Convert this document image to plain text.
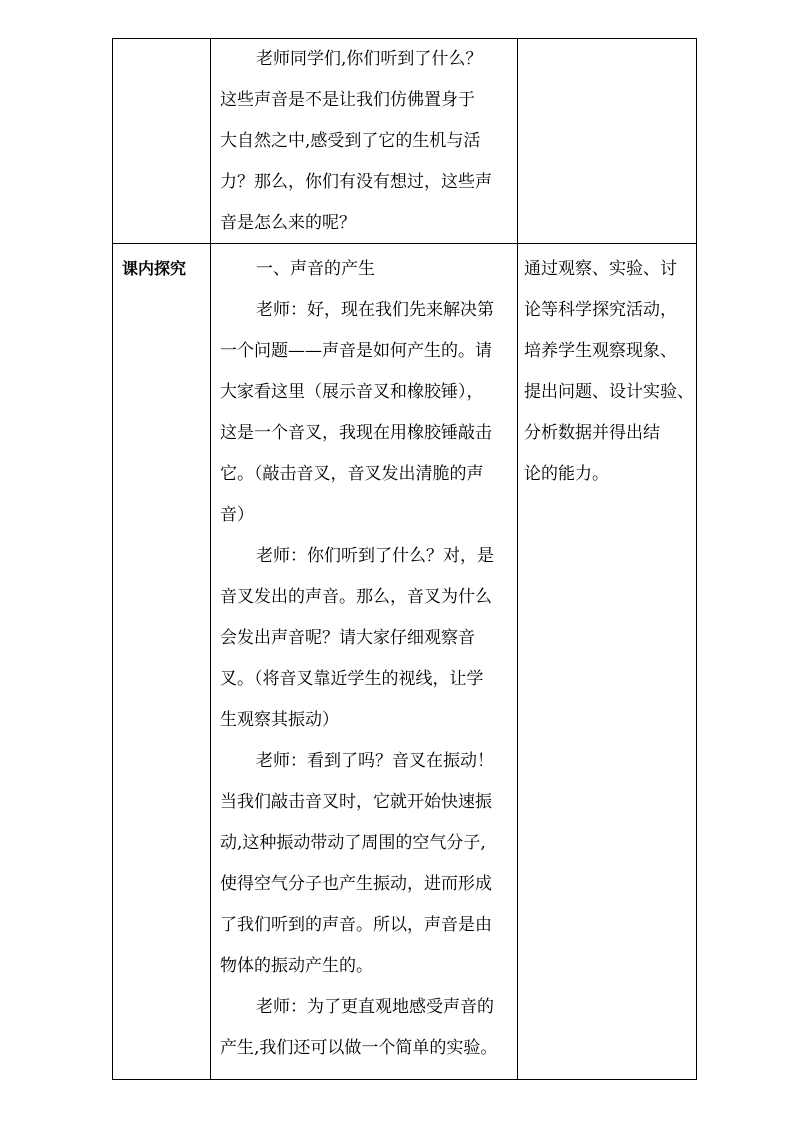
老师同学们,你们听到了什么？
这些声音是不是让我们仿佛置身于
大自然之中,感受到了它的生机与活
力？那么，你们有没有想过，这些声
音是怎么来的呢？
课内探究	一、声音的产生
老师：好，现在我们先来解决第
一个问题——声音是如何产生的。请
大家看这里（展示音叉和橡胶锤），
这是一个音叉，我现在用橡胶锤敲击
它。（敲击音叉，音叉发出清脆的声
音）
老师：你们听到了什么？对，是
音叉发出的声音。那么，音叉为什么
会发出声音呢？请大家仔细观察音
叉。（将音叉靠近学生的视线，让学
生观察其振动）
老师：看到了吗？音叉在振动！
当我们敲击音叉时，它就开始快速振
动,这种振动带动了周围的空气分子,
使得空气分子也产生振动，进而形成
了我们听到的声音。所以，声音是由
物体的振动产生的。
老师：为了更直观地感受声音的
产生,我们还可以做一个简单的实验。
通过观察、实验、讨
论等科学探究活动，
培养学生观察现象、
提出问题、设计实验、
分析数据并得出结
论的能力。
